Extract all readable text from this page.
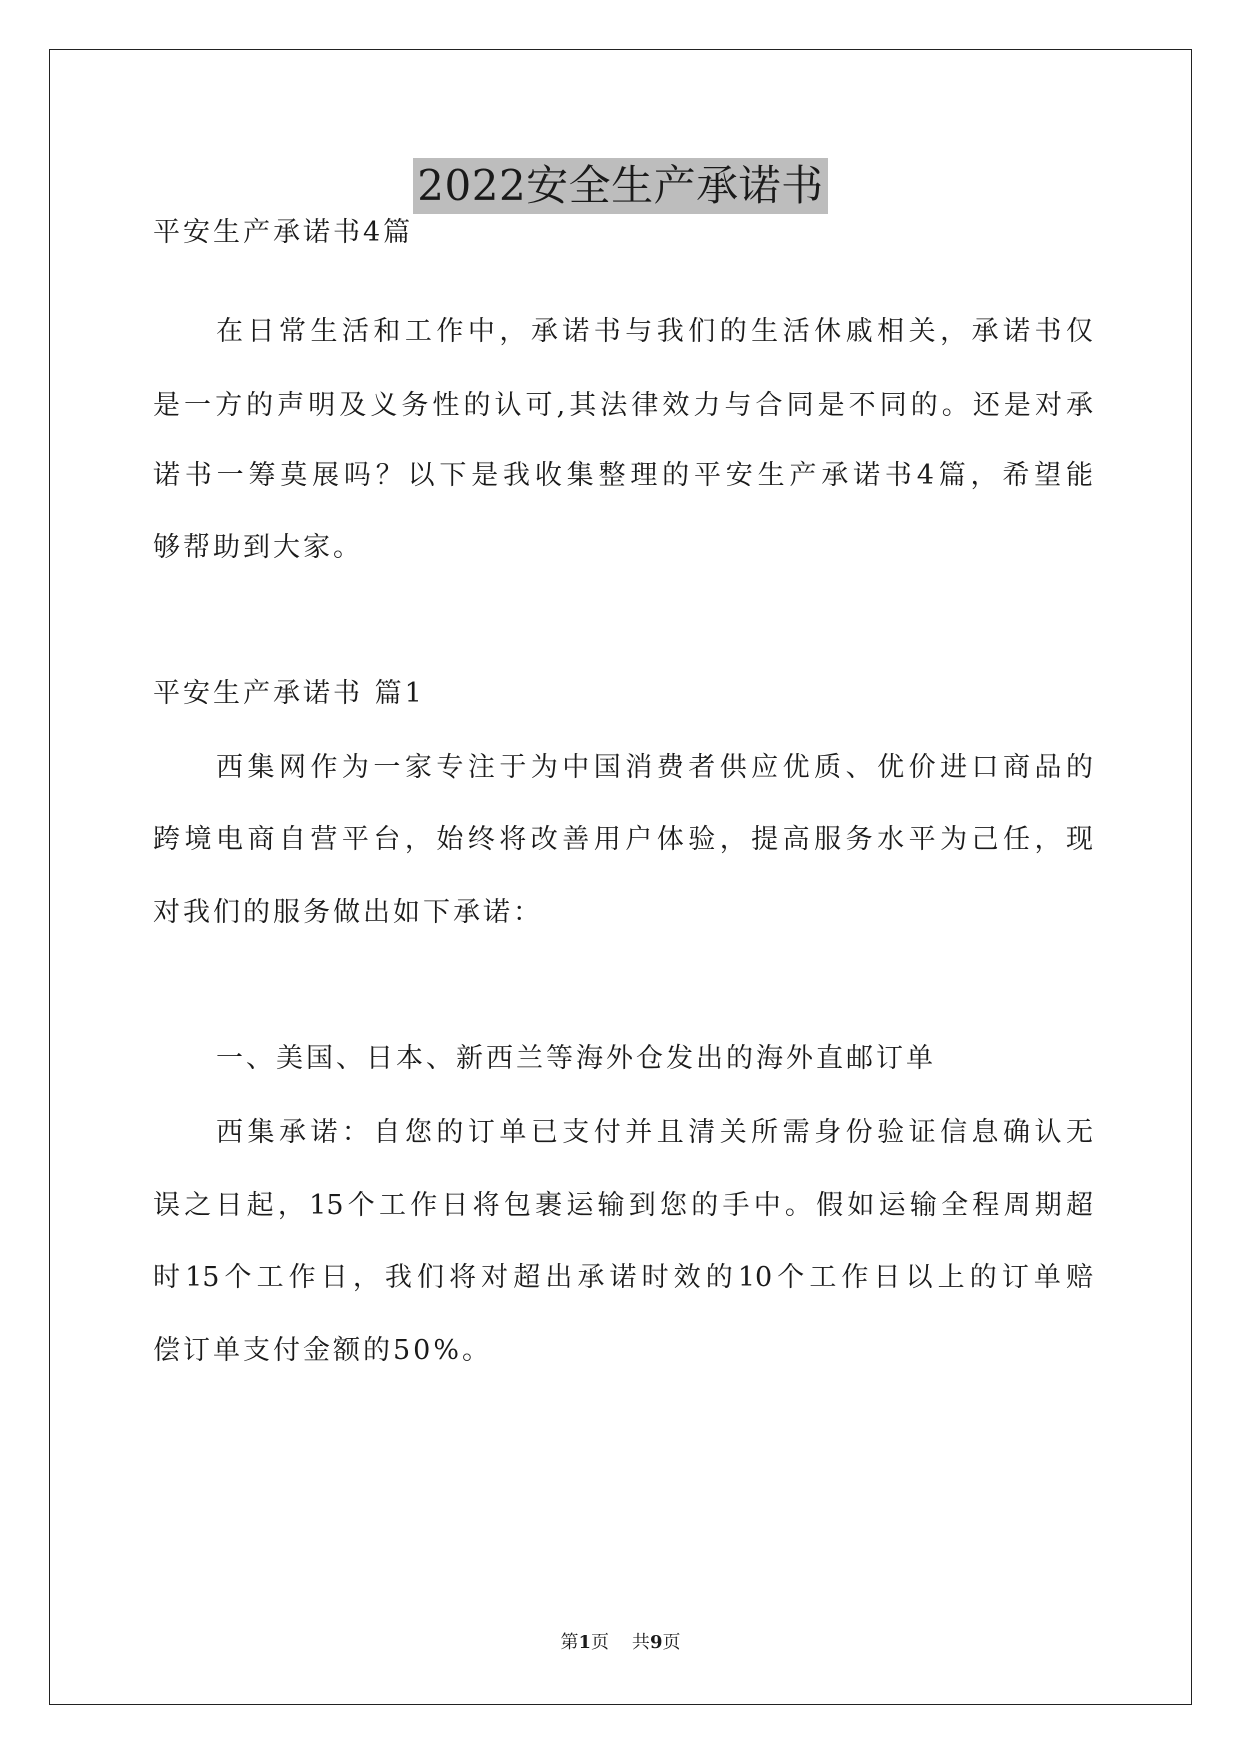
2022安全生产承诺书
平安生产承诺书4篇
在日常生活和工作中，承诺书与我们的生活休戚相关，承诺书仅
是一方的声明及义务性的认可,其法律效力与合同是不同的。还是对承
诺书一筹莫展吗？以下是我收集整理的平安生产承诺书4篇，希望能
够帮助到大家。
平安生产承诺书 篇1
西集网作为一家专注于为中国消费者供应优质、优价进口商品的
跨境电商自营平台，始终将改善用户体验，提高服务水平为己任，现
对我们的服务做出如下承诺：
一、美国、日本、新西兰等海外仓发出的海外直邮订单
西集承诺：自您的订单已支付并且清关所需身份验证信息确认无
误之日起，15个工作日将包裹运输到您的手中。假如运输全程周期超
时15个工作日，我们将对超出承诺时效的10个工作日以上的订单赔
偿订单支付金额的50%。
第1页    共9页
